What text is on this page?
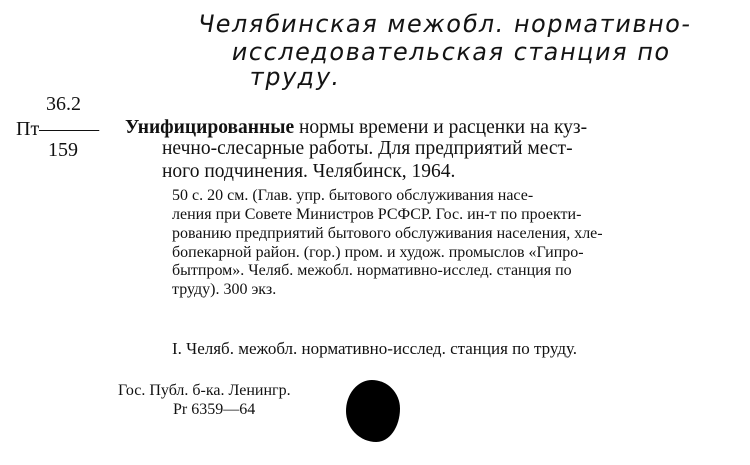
Челябинская межобл. нормативно-
исследовательская станция по
труду.
36.2
Пт———
159
Унифицированные нормы времени и расценки на куз-
нечно-слесарные работы. Для предприятий мест-
ного подчинения. Челябинск, 1964.
50 с. 20 см. (Глав. упр. бытового обслуживания насе-
ления при Совете Министров РСФСР. Гос. ин-т по проекти-
рованию предприятий бытового обслуживания населения, хле-
бопекарной район. (гор.) пром. и худож. промыслов «Гипро-
бытпром». Челяб. межобл. нормативно-исслед. станция по
труду). 300 экз.
I. Челяб. межобл. нормативно-исслед. станция по труду.
Гос. Публ. б-ка. Ленингр.
Pr 6359—64
